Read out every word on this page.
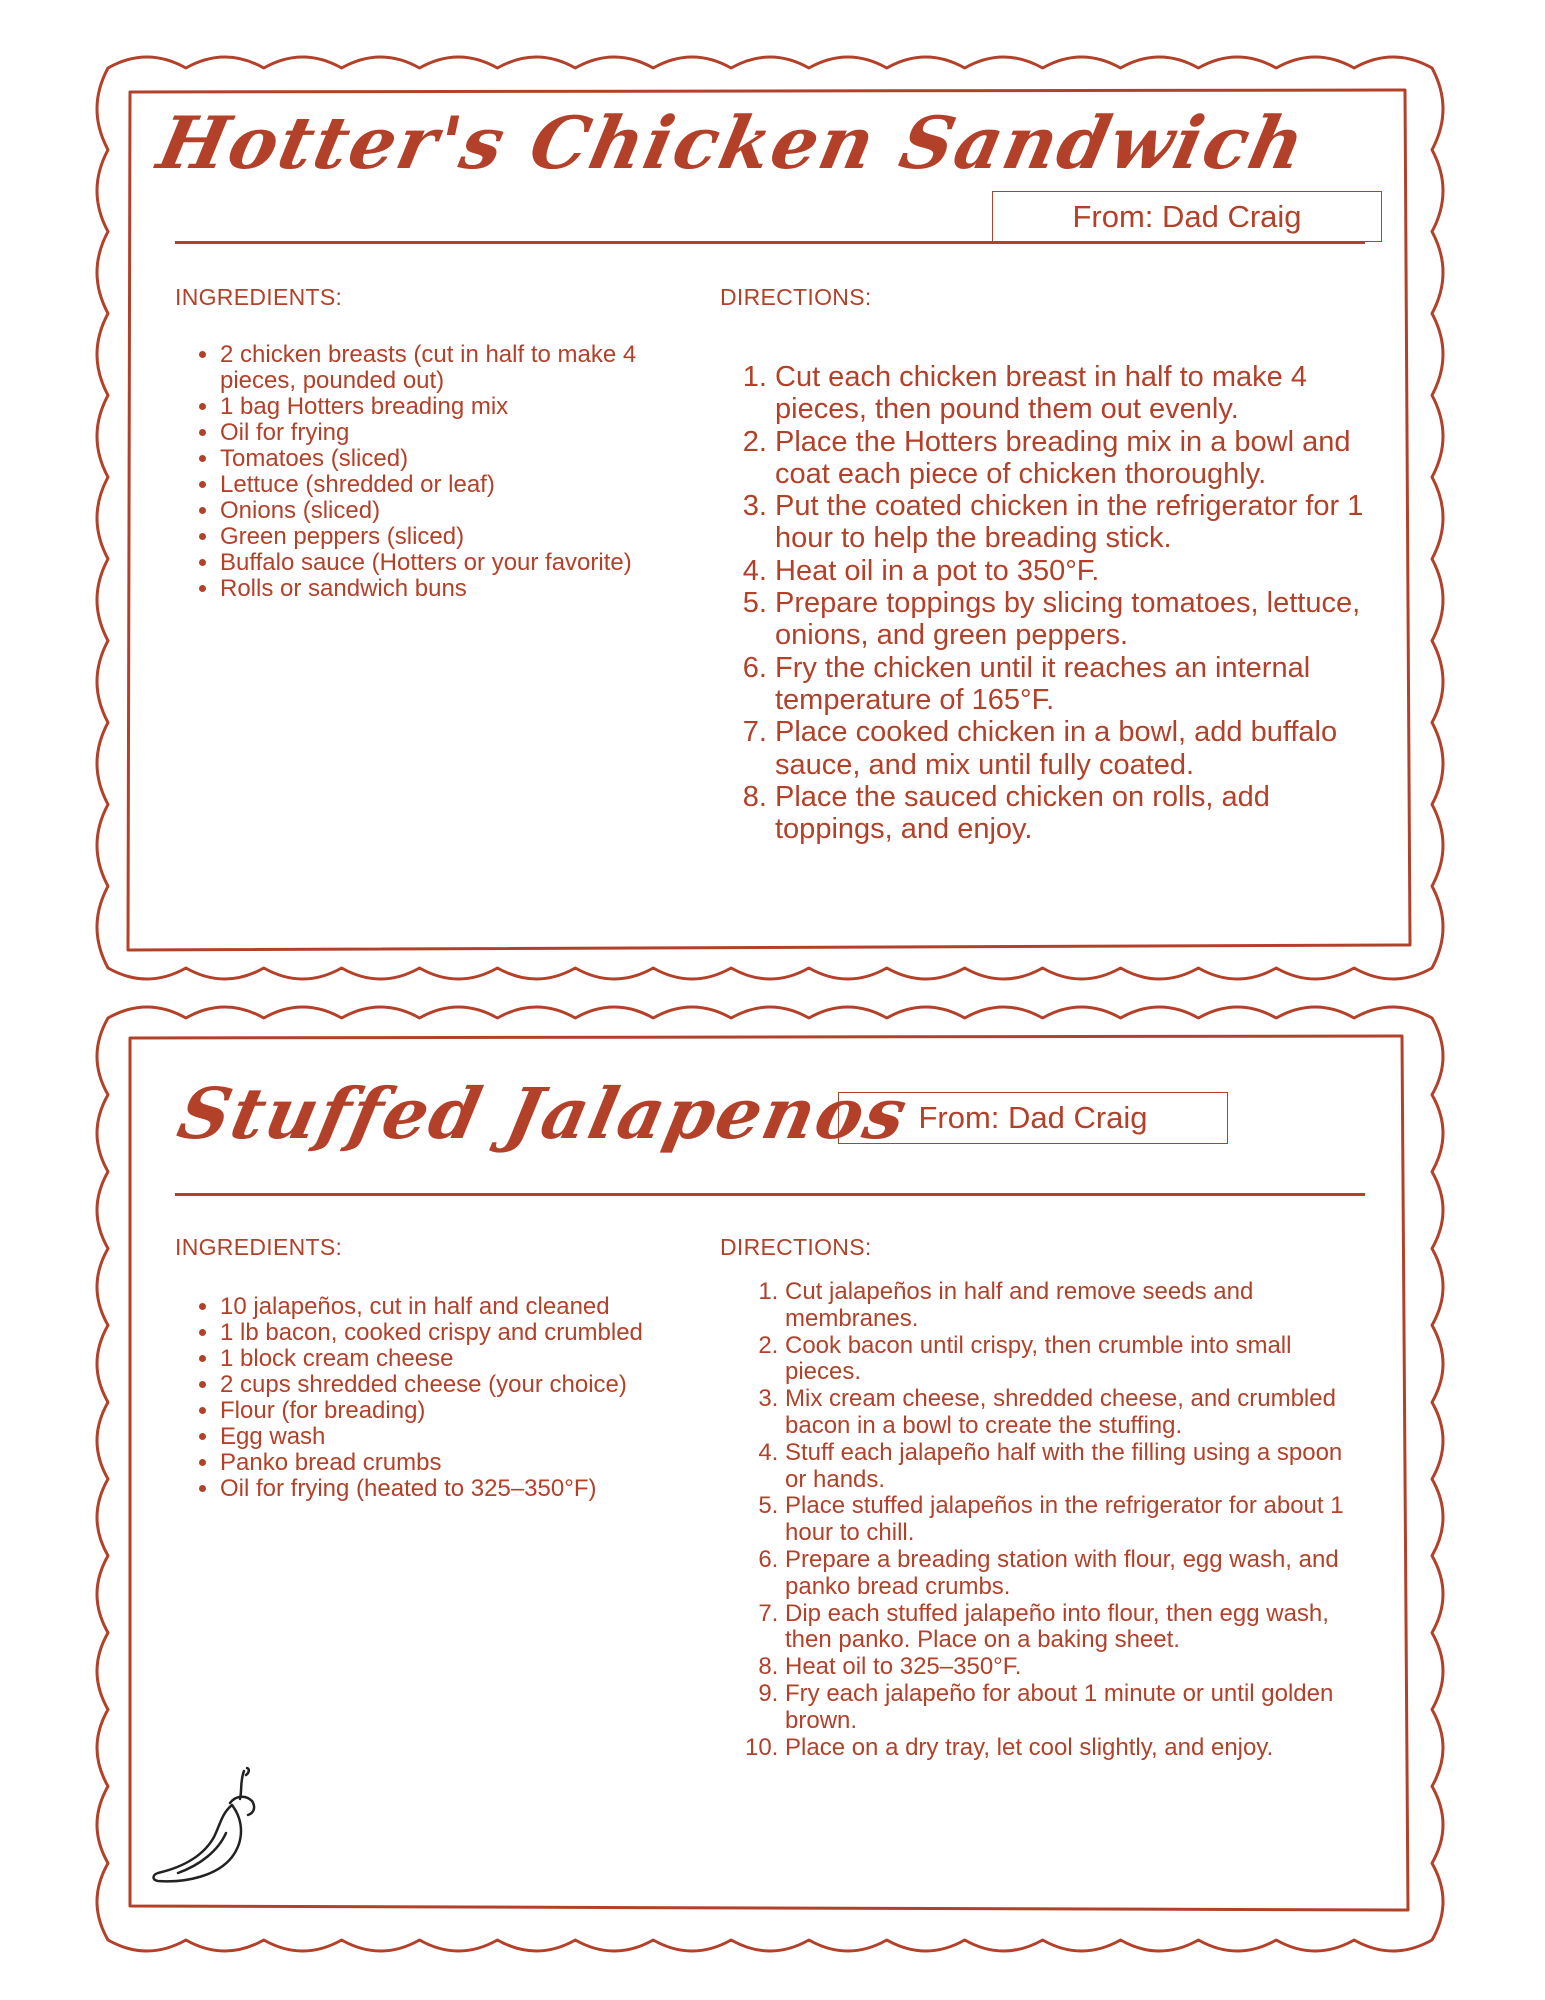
Hotter's Chicken Sandwich
From: Dad Craig
INGREDIENTS:	DIRECTIONS:
• 2 chicken breasts (cut in half to make 4 pieces, pounded out)
• 1 bag Hotters breading mix
• Oil for frying
• Tomatoes (sliced)
• Lettuce (shredded or leaf)
• Onions (sliced)
• Green peppers (sliced)
• Buffalo sauce (Hotters or your favorite)
• Rolls or sandwich buns
1. Cut each chicken breast in half to make 4 pieces, then pound them out evenly.
2. Place the Hotters breading mix in a bowl and coat each piece of chicken thoroughly.
3. Put the coated chicken in the refrigerator for 1 hour to help the breading stick.
4. Heat oil in a pot to 350°F.
5. Prepare toppings by slicing tomatoes, lettuce, onions, and green peppers.
6. Fry the chicken until it reaches an internal temperature of 165°F.
7. Place cooked chicken in a bowl, add buffalo sauce, and mix until fully coated.
8. Place the sauced chicken on rolls, add toppings, and enjoy.
Stuffed Jalapenos From: Dad Craig
INGREDIENTS:	DIRECTIONS:
• 10 jalapeños, cut in half and cleaned
• 1 lb bacon, cooked crispy and crumbled
• 1 block cream cheese
• 2 cups shredded cheese (your choice)
• Flour (for breading)
• Egg wash
• Panko bread crumbs
• Oil for frying (heated to 325–350°F)
1. Cut jalapeños in half and remove seeds and membranes.
2. Cook bacon until crispy, then crumble into small pieces.
3. Mix cream cheese, shredded cheese, and crumbled bacon in a bowl to create the stuffing.
4. Stuff each jalapeño half with the filling using a spoon or hands.
5. Place stuffed jalapeños in the refrigerator for about 1 hour to chill.
6. Prepare a breading station with flour, egg wash, and panko bread crumbs.
7. Dip each stuffed jalapeño into flour, then egg wash, then panko. Place on a baking sheet.
8. Heat oil to 325–350°F.
9. Fry each jalapeño for about 1 minute or until golden brown.
10. Place on a dry tray, let cool slightly, and enjoy.
